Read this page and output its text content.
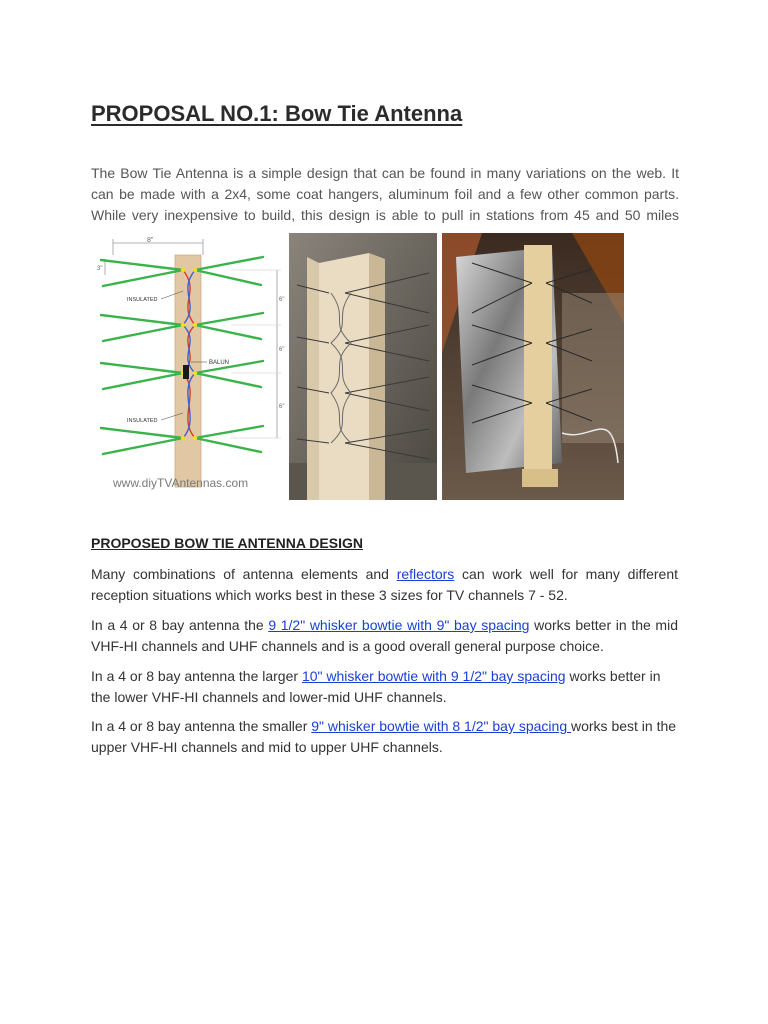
PROPOSAL NO.1: Bow Tie Antenna

The Bow Tie Antenna is a simple design that can be found in many variations on the web. It can be made with a 2x4, some coat hangers, aluminum foil and a few other common parts. While very inexpensive to build, this design is able to pull in stations from 45 and 50 miles

8"
3"
6"
6"
6"
BALUN
INSULATED
INSULATED
www.diyTVAntennas.com
PROPOSED BOW TIE ANTENNA DESIGN

Many combinations of antenna elements and reflectors can work well for many different reception situations which works best in these 3 sizes for TV channels 7 - 52.

In a 4 or 8 bay antenna the 9 1/2" whisker bowtie with 9" bay spacing works better in the mid VHF-HI channels and UHF channels and is a good overall general purpose choice.

In a 4 or 8 bay antenna the larger 10" whisker bowtie with 9 1/2" bay spacing works better in the lower VHF-HI channels and lower-mid UHF channels.

In a 4 or 8 bay antenna the smaller 9" whisker bowtie with 8 1/2" bay spacing works best in the upper VHF-HI channels and mid to upper UHF channels.
